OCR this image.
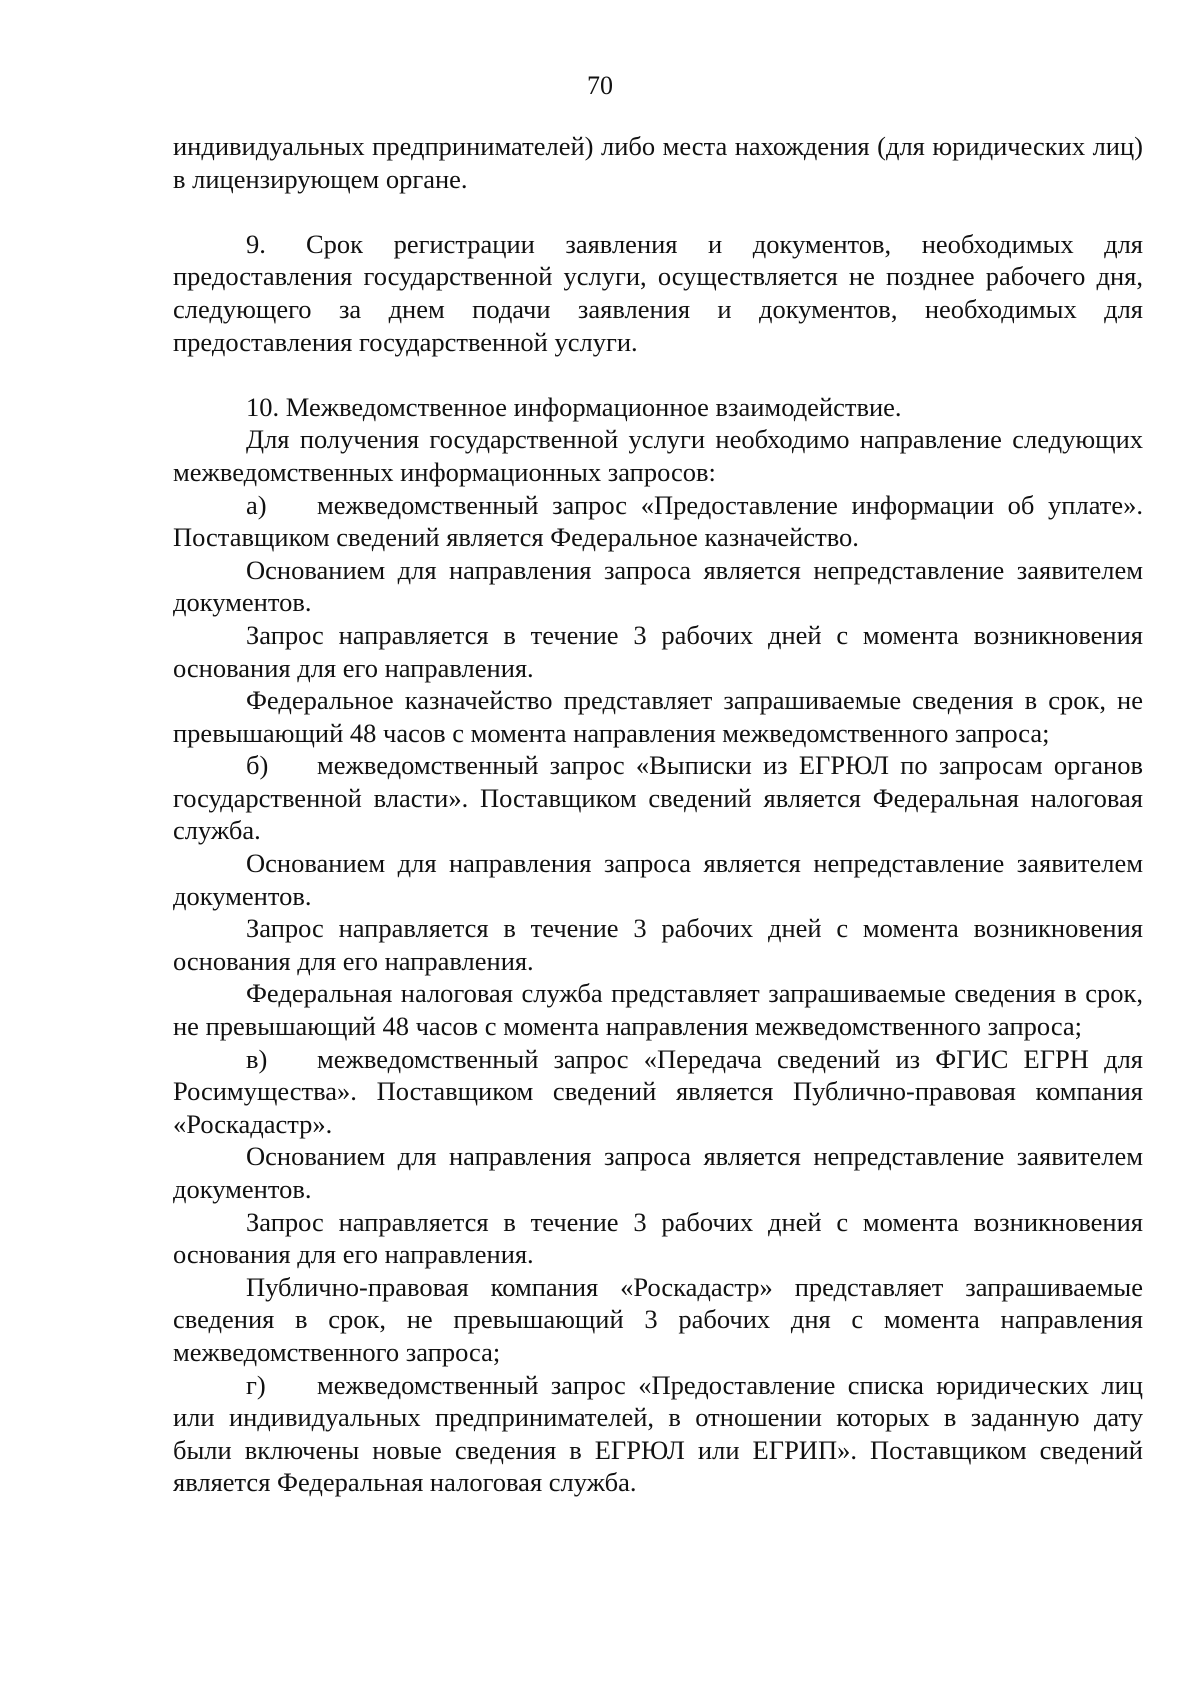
70

индивидуальных предпринимателей) либо места нахождения (для юридических лиц) в лицензирующем органе.

9. Срок регистрации заявления и документов, необходимых для предоставления государственной услуги, осуществляется не позднее рабочего дня, следующего за днем подачи заявления и документов, необходимых для предоставления государственной услуги.

10. Межведомственное информационное взаимодействие.

Для получения государственной услуги необходимо направление следующих межведомственных информационных запросов:

а) межведомственный запрос «Предоставление информации об уплате». Поставщиком сведений является Федеральное казначейство.

Основанием для направления запроса является непредставление заявителем документов.

Запрос направляется в течение 3 рабочих дней с момента возникновения основания для его направления.

Федеральное казначейство представляет запрашиваемые сведения в срок, не превышающий 48 часов с момента направления межведомственного запроса;

б) межведомственный запрос «Выписки из ЕГРЮЛ по запросам органов государственной власти». Поставщиком сведений является Федеральная налоговая служба.

Основанием для направления запроса является непредставление заявителем документов.

Запрос направляется в течение 3 рабочих дней с момента возникновения основания для его направления.

Федеральная налоговая служба представляет запрашиваемые сведения в срок, не превышающий 48 часов с момента направления межведомственного запроса;

в) межведомственный запрос «Передача сведений из ФГИС ЕГРН для Росимущества». Поставщиком сведений является Публично-правовая компания «Роскадастр».

Основанием для направления запроса является непредставление заявителем документов.

Запрос направляется в течение 3 рабочих дней с момента возникновения основания для его направления.

Публично-правовая компания «Роскадастр» представляет запрашиваемые сведения в срок, не превышающий 3 рабочих дня с момента направления межведомственного запроса;

г) межведомственный запрос «Предоставление списка юридических лиц или индивидуальных предпринимателей, в отношении которых в заданную дату были включены новые сведения в ЕГРЮЛ или ЕГРИП». Поставщиком сведений является Федеральная налоговая служба.
